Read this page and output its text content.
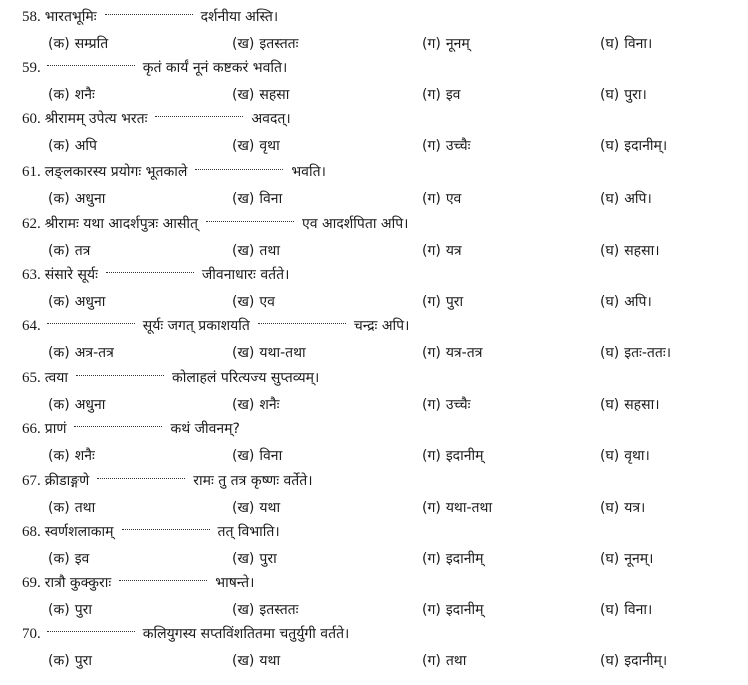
58. भारतभूमिः	दर्शनीया अस्ति।
(क) सम्प्रति	(ख) इतस्ततः	(ग) नूनम्	(घ) विना।
59.	कृतं कार्यं नूनं कष्टकरं भवति।
(क) शनैः	(ख) सहसा	(ग) इव	(घ) पुरा।
60. श्रीरामम् उपेत्य भरतः	अवदत्।
(क) अपि	(ख) वृथा	(ग) उच्चैः	(घ) इदानीम्।
61. लङ्लकारस्य प्रयोगः भूतकाले	भवति।
(क) अधुना	(ख) विना	(ग) एव	(घ) अपि।
62. श्रीरामः यथा आदर्शपुत्रः आसीत्	एव आदर्शपिता अपि।
(क) तत्र	(ख) तथा	(ग) यत्र	(घ) सहसा।
63. संसारे सूर्यः	जीवनाधारः वर्तते।
(क) अधुना	(ख) एव	(ग) पुरा	(घ) अपि।
64.	सूर्यः जगत् प्रकाशयति	चन्द्रः अपि।
(क) अत्र-तत्र	(ख) यथा-तथा	(ग) यत्र-तत्र	(घ) इतः-ततः।
65. त्वया	कोलाहलं परित्यज्य सुप्तव्यम्।
(क) अधुना	(ख) शनैः	(ग) उच्चैः	(घ) सहसा।
66. प्राणं	कथं जीवनम्?
(क) शनैः	(ख) विना	(ग) इदानीम्	(घ) वृथा।
67. क्रीडाङ्गणे	रामः तु तत्र कृष्णः वर्तेते।
(क) तथा	(ख) यथा	(ग) यथा-तथा	(घ) यत्र।
68. स्वर्णशलाकाम्	तत् विभाति।
(क) इव	(ख) पुरा	(ग) इदानीम्	(घ) नूनम्।
69. रात्रौ कुक्कुराः	भाषन्ते।
(क) पुरा	(ख) इतस्ततः	(ग) इदानीम्	(घ) विना।
70.	कलियुगस्य सप्तविंशतितमा चतुर्युगी वर्तते।
(क) पुरा	(ख) यथा	(ग) तथा	(घ) इदानीम्।
